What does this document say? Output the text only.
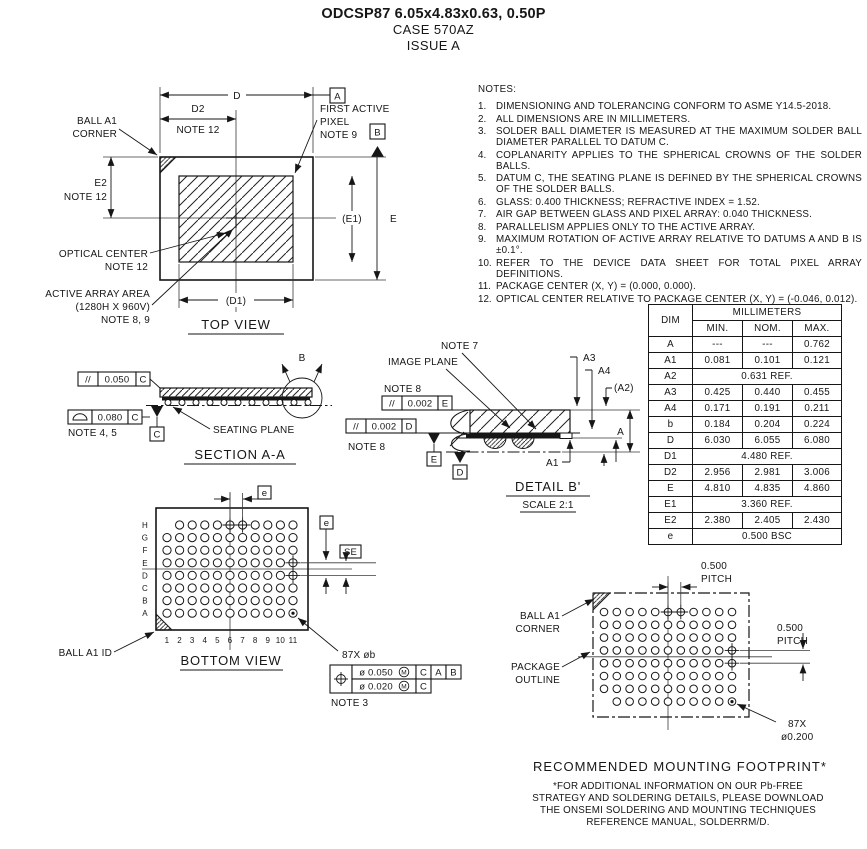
ODCSP87 6.05x4.83x0.63, 0.50P
CASE 570AZ
ISSUE A
D	A
D2
NOTE 12
FIRST ACTIVE
PIXEL
NOTE 9 B
E
(E1)
E2
NOTE 12
BALL A1
CORNER
OPTICAL CENTER
NOTE 12
ACTIVE ARRAY AREA
(1280H X 960V)
NOTE 8, 9
(D1)
TOP VIEW
// 0.050 C
C
0.080 C
NOTE 4, 5	SEATING PLANE
B
SECTION A-A
NOTE 7
IMAGE PLANE
NOTE 8
// 0.002 E
// 0.002 D
NOTE 8
E
D
A3
A4
(A2)
A
A1
DETAIL B'
SCALE 2:1
H
G
F
E
D
C
B
A
1 2 3 4 5 6 7 8 9 10 11
e
e
SE
BALL A1 ID	BOTTOM VIEW	87X øb
ø 0.050 M C A B
ø 0.020 M C
NOTE 3
0.500
PITCH
0.500
PITCH
BALL A1
CORNER
PACKAGE
OUTLINE
87X
ø0.200
NOTES:
1.	DIMENSIONING AND TOLERANCING CONFORM TO ASME Y14.5-2018.
2.	ALL DIMENSIONS ARE IN MILLIMETERS.
3.	SOLDER BALL DIAMETER IS MEASURED AT THE MAXIMUM SOLDER BALL DIAMETER PARALLEL TO DATUM C.
4.	COPLANARITY APPLIES TO THE SPHERICAL CROWNS OF THE SOLDER BALLS.
5.	DATUM C, THE SEATING PLANE IS DEFINED BY THE SPHERICAL CROWNS OF THE SOLDER BALLS.
6.	GLASS: 0.400 THICKNESS; REFRACTIVE INDEX = 1.52.
7.	AIR GAP BETWEEN GLASS AND PIXEL ARRAY: 0.040 THICKNESS.
8.	PARALLELISM APPLIES ONLY TO THE ACTIVE ARRAY.
9.	MAXIMUM ROTATION OF ACTIVE ARRAY RELATIVE TO DATUMS A AND B IS ±0.1°.
10. REFER TO THE DEVICE DATA SHEET FOR TOTAL PIXEL ARRAY DEFINITIONS.
11. PACKAGE CENTER (X, Y) = (0.000, 0.000).
12. OPTICAL CENTER RELATIVE TO PACKAGE CENTER (X, Y) = (-0.046, 0.012).
DIM	MILLIMETERS		
	MIN.	NOM.	MAX.
A	---	---	0.762
A1	0.081	0.101	0.121
A2	0.631 REF.		
A3	0.425	0.440	0.455
A4	0.171	0.191	0.211
b	0.184	0.204	0.224
D	6.030	6.055	6.080
D1	4.480 REF.		
D2	2.956	2.981	3.006
E	4.810	4.835	4.860
E1	3.360 REF.		
E2	2.380	2.405	2.430
e	0.500 BSC		
RECOMMENDED MOUNTING FOOTPRINT*
*FOR ADDITIONAL INFORMATION ON OUR Pb-FREE
STRATEGY AND SOLDERING DETAILS, PLEASE DOWNLOAD
THE ONSEMI SOLDERING AND MOUNTING TECHNIQUES
REFERENCE MANUAL, SOLDERRM/D.
